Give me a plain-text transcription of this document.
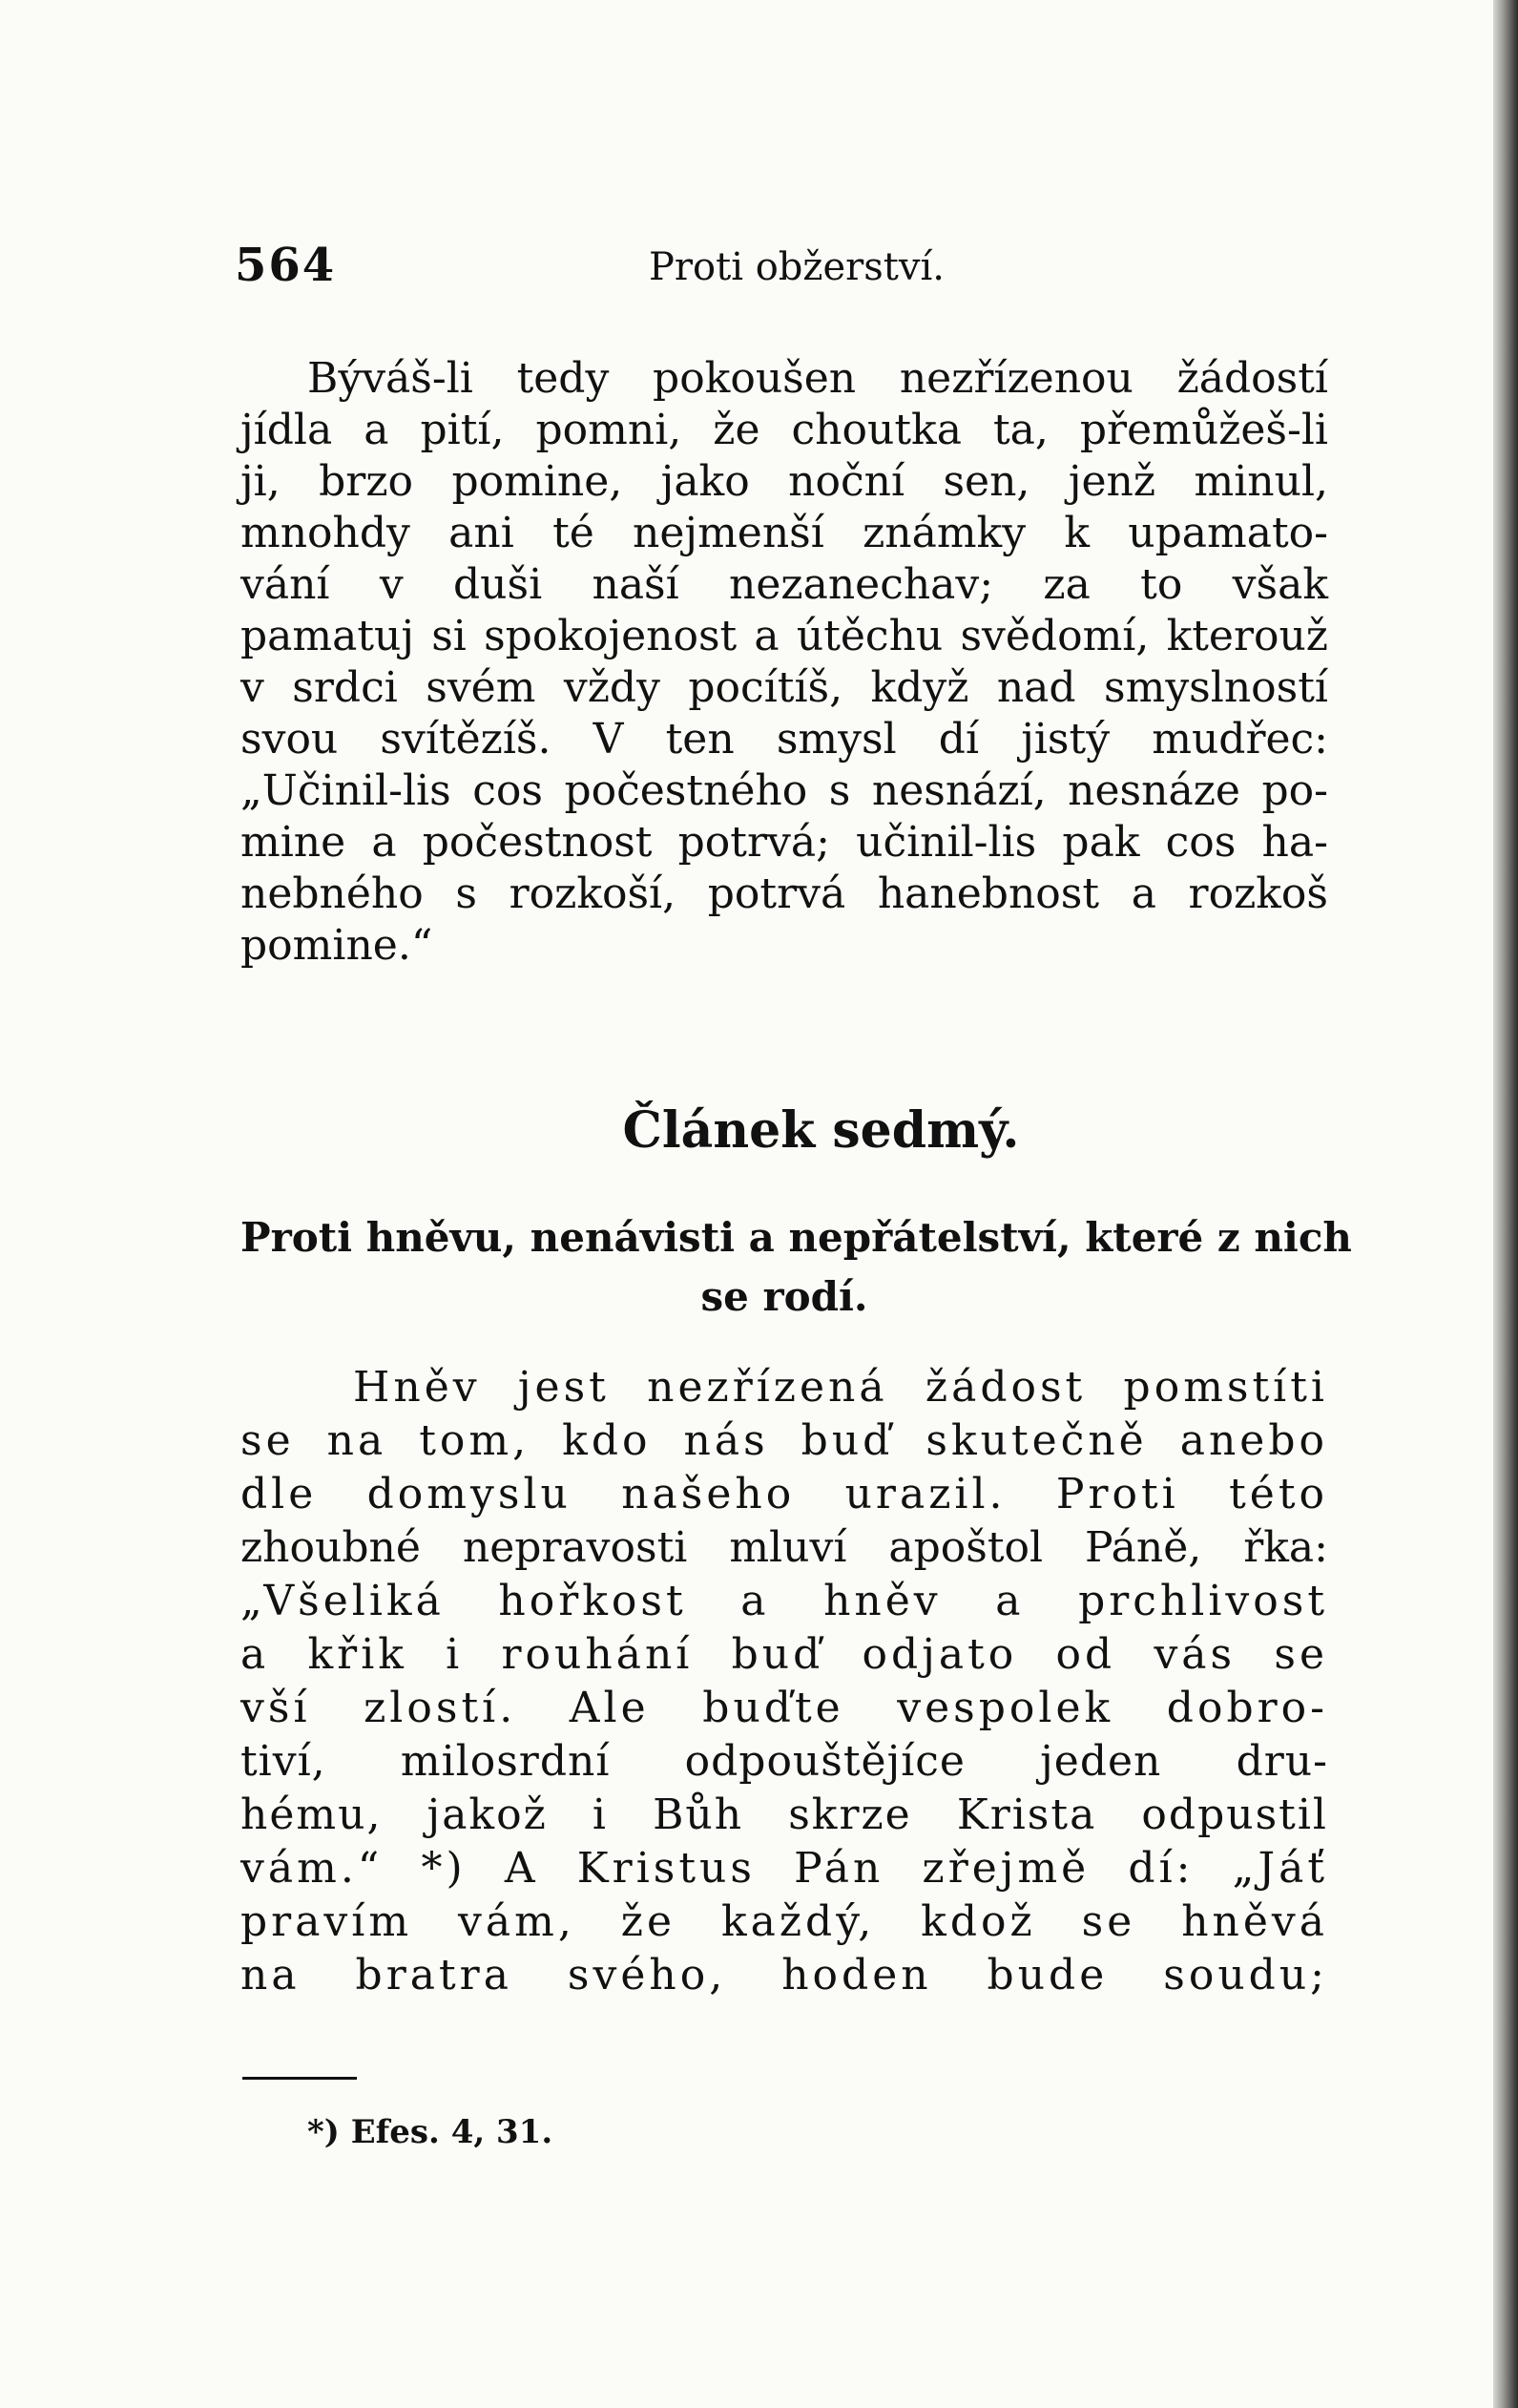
564	Proti obžerství.
Býváš-li tedy pokoušen nezřízenou žádostí
jídla a pití, pomni, že choutka ta, přemůžeš-li
ji, brzo pomine, jako noční sen, jenž minul,
mnohdy ani té nejmenší známky k upamato-
vání v duši naší nezanechav; za to však
pamatuj si spokojenost a útěchu svědomí, kterouž
v srdci svém vždy pocítíš, když nad smyslností
svou svítězíš. V ten smysl dí jistý mudřec:
„Učinil-lis cos počestného s nesnází, nesnáze po-
mine a počestnost potrvá; učinil-lis pak cos ha-
nebného s rozkoší, potrvá hanebnost a rozkoš
pomine.“
Článek sedmý.
Proti hněvu, nenávisti a nepřátelství, které z nich
se rodí.
Hněv jest nezřízená žádost pomstíti
se na tom, kdo nás buď skutečně anebo
dle domyslu našeho urazil. Proti této
zhoubné nepravosti mluví apoštol Páně, řka:
„Všeliká hořkost a hněv a prchlivost
a křik i rouhání buď odjato od vás se
vší zlostí. Ale buďte vespolek dobro-
tiví, milosrdní odpouštějíce jeden dru-
hému, jakož i Bůh skrze Krista odpustil
vám.“ *) A Kristus Pán zřejmě dí: „Jáť
pravím vám, že každý, kdož se hněvá
na bratra svého, hoden bude soudu;
*) Efes. 4, 31.
